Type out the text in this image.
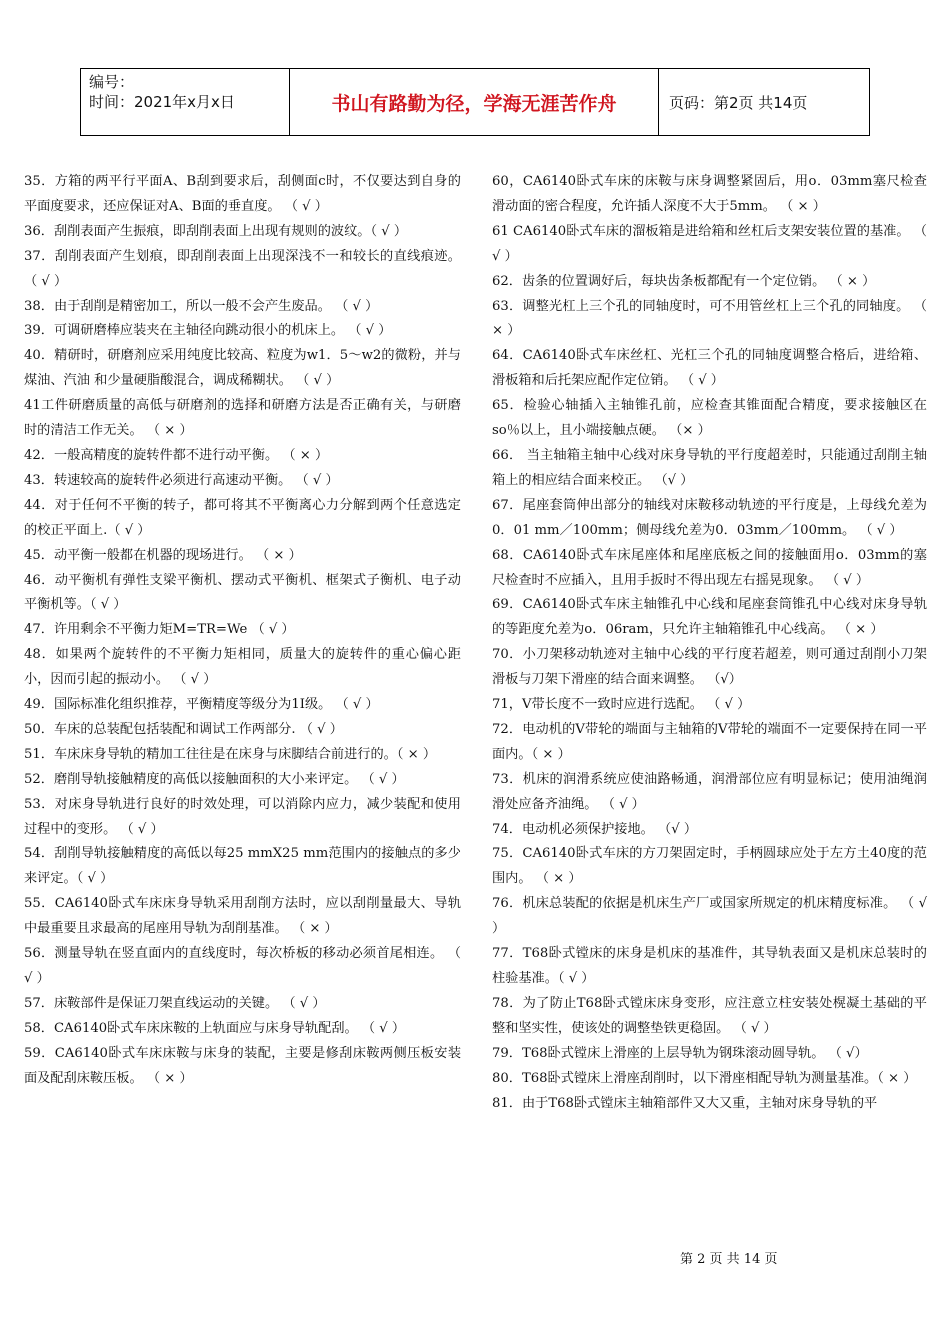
编号：
时间：2021年x月x日	书山有路勤为径，学海无涯苦作舟	页码：第2页 共14页

35．方箱的两平行平面A、B刮到要求后，刮侧面c时，不仅要达到自身的平面度要求，还应保证对A、B面的垂直度。 （ √ ）

36．刮削表面产生振痕，即刮削表面上出现有规则的波纹。（ √ ）

37．刮削表面产生划痕，即刮削表面上出现深浅不一和较长的直线痕迹。 （ √ ）

38．由于刮削是精密加工，所以一般不会产生废品。 （ √ ）

39．可调研磨棒应装夹在主轴径向跳动很小的机床上。 （ √ ）

40．精研时，研磨剂应采用纯度比较高、粒度为w1．5～w2的微粉，并与煤油、汽油 和少量硬脂酸混合，调成稀糊状。 （ √ ）

41工件研磨质量的高低与研磨剂的选择和研磨方法是否正确有关，与研磨时的清洁工作无关。 （ × ）

42．一般高精度的旋转件都不进行动平衡。 （ × ）

43．转速较高的旋转件必须进行高速动平衡。 （ √ ）

44．对于任何不平衡的转子，都可将其不平衡离心力分解到两个任意选定的校正平面上.（ √ ）

45．动平衡一般都在机器的现场进行。 （ × ）

46．动平衡机有弹性支梁平衡机、摆动式平衡机、框架式子衡机、电子动平衡机等。（ √ ）

47．许用剩余不平衡力矩M=TR=We （ √ ）

48．如果两个旋转件的不平衡力矩相同，质量大的旋转件的重心偏心距小，因而引起的振动小。 （ √ ）

49．国际标准化组织推荐，平衡精度等级分为1I级。 （ √ ）

50．车床的总装配包括装配和调试工作两部分. （ √ ）

51．车床床身导轨的精加工往往是在床身与床脚结合前进行的。（ × ）

52．磨削导轨接触精度的高低以接触面积的大小来评定。 （ √ ）

53．对床身导轨进行良好的时效处理，可以消除内应力，减少装配和使用过程中的变形。 （ √ ）

54．刮削导轨接触精度的高低以每25 mmX25 mm范围内的接触点的多少来评定。（ √ ）

55．CA6140卧式车床床身导轨采用刮削方法时，应以刮削量最大、导轨中最重要且求最高的尾座用导轨为刮削基准。 （ × ）

56．测量导轨在竖直面内的直线度时，每次桥板的移动必须首尾相连。 （ √ ）

57．床鞍部件是保证刀架直线运动的关键。 （ √ ）

58．CA6140卧式车床床鞍的上轨面应与床身导轨配刮。 （ √ ）

59．CA6140卧式车床床鞍与床身的装配，主要是修刮床鞍两侧压板安装面及配刮床鞍压板。 （ × ）

60，CA6140卧式车床的床鞍与床身调整紧固后，用o．03mm塞尺检查滑动面的密合程度，允许插人深度不大于5mm。 （ × ）

61 CA6140卧式车床的溜板箱是进给箱和丝杠后支架安装位置的基准。 （ √ ）

62．齿条的位置调好后，每块齿条板都配有一个定位销。 （ × ）

63．调整光杠上三个孔的同轴度时，可不用管丝杠上三个孔的同轴度。 （ × ）

64．CA6140卧式车床丝杠、光杠三个孔的同轴度调整合格后，进给箱、滑板箱和后托架应配作定位销。 （ √ ）

65．检验心轴插入主轴锥孔前，应检查其锥面配合精度，要求接触区在so％以上，且小端接触点硬。 （× ）

66． 当主轴箱主轴中心线对床身导轨的平行度超差时，只能通过刮削主轴箱上的相应结合面来校正。 （√ ）

67．尾座套筒伸出部分的轴线对床鞍移动轨迹的平行度是，上母线允差为0．01 mm／100mm；侧母线允差为0．03mm／100mm。 （ √ ）

68．CA6140卧式车床尾座体和尾座底板之间的接触面用o．03mm的塞尺检查时不应插入，且用手扳时不得出现左右摇晃现象。 （ √ ）

69．CA6140卧式车床主轴锥孔中心线和尾座套筒锥孔中心线对床身导轨的等距度允差为o．06ram，只允许主轴箱锥孔中心线高。 （ × ）

70．小刀架移动轨迹对主轴中心线的平行度若超差，则可通过刮削小刀架滑板与刀架下滑座的结合面来调整。 （√）

71，V带长度不一致时应进行选配。 （ √ ）

72．电动机的V带轮的端面与主轴箱的V带轮的端面不一定要保持在同一平面内。（ × ）

73．机床的润滑系统应使油路畅通，润滑部位应有明显标记；使用油绳润滑处应备齐油绳。 （ √ ）

74．电动机必须保护接地。 （√ ）

75．CA6140卧式车床的方刀架固定时，手柄圆球应处于左方土40度的范围内。 （ × ）

76．机床总装配的依据是机床生产厂或国家所规定的机床精度标准。 （ √ ）

77．T68卧式镗床的床身是机床的基准件，其导轨表面又是机床总装时的柱验基准。（ √ ）

78．为了防止T68卧式镗床床身变形，应注意立柱安装处榥凝土基础的平整和坚实性，使该处的调整垫铁更稳固。 （ √ ）

79．T68卧式镗床上滑座的上层导轨为钢珠滚动圆导轨。 （ √）

80．T68卧式镗床上滑座刮削时，以下滑座相配导轨为测量基准。（ × ）

81．由于T68卧式镗床主轴箱部件又大又重，主轴对床身导轨的平

第 2 页 共 14 页
